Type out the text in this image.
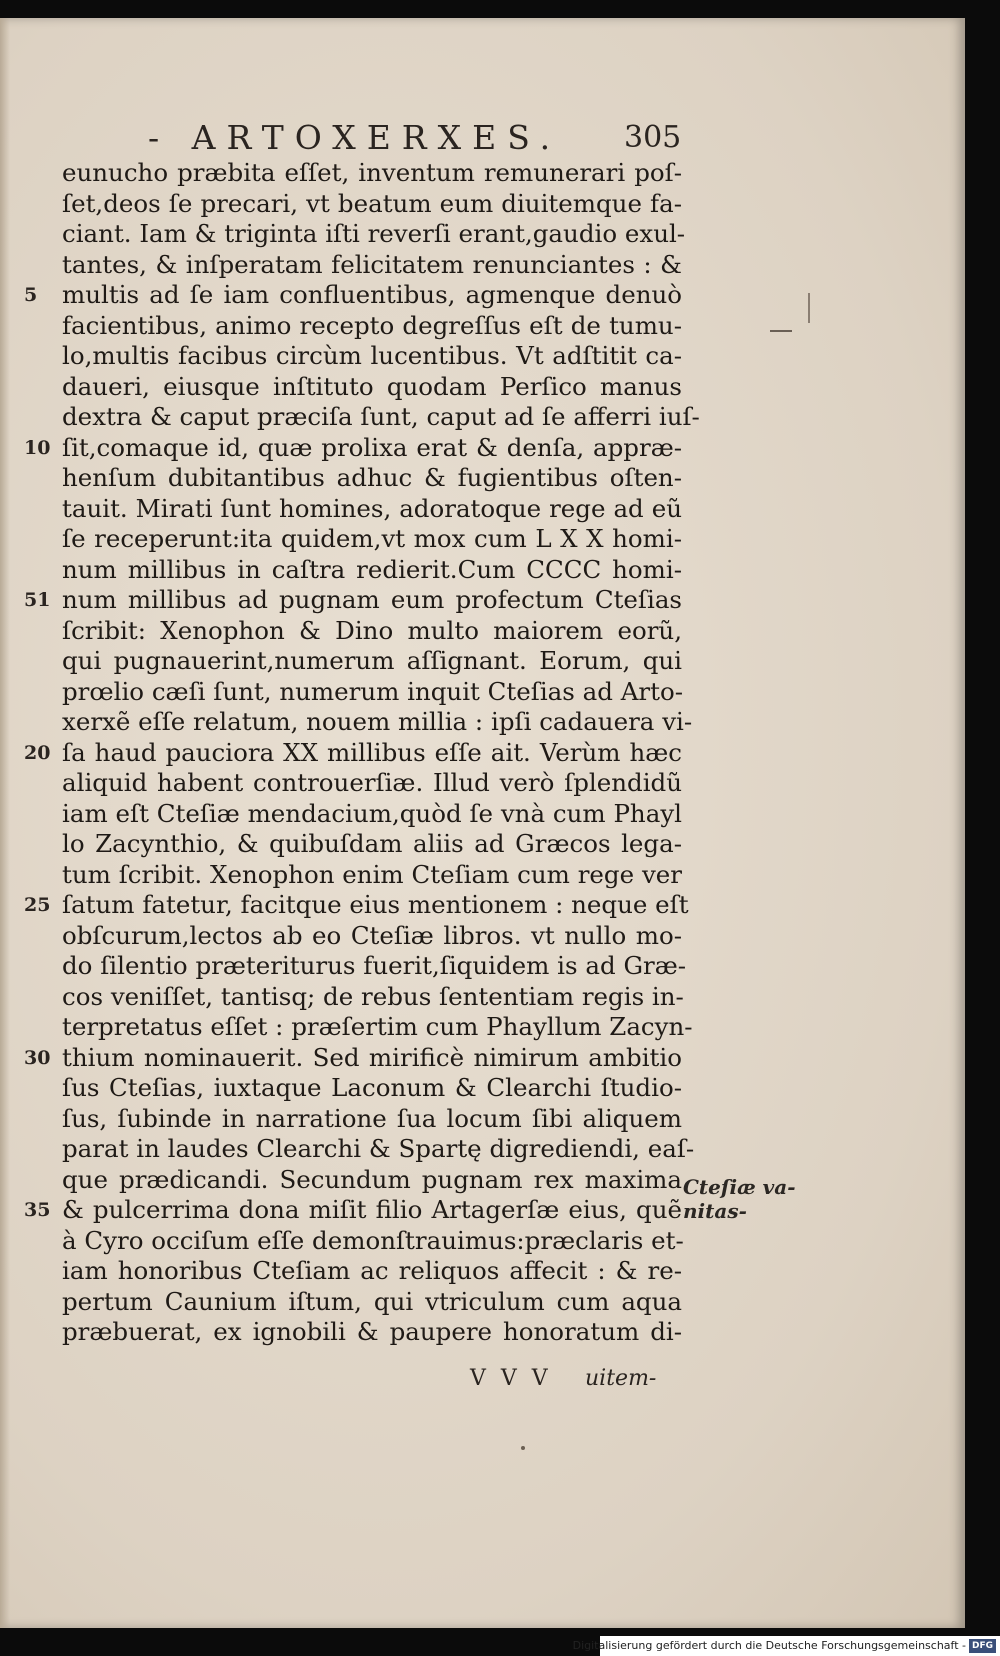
- ARTOXERXES. 305
eunucho præbita eſſet, inventum remunerari poſ-
ſet,deos ſe precari, vt beatum eum diuitemque fa-
ciant. Iam & triginta iſti reverſi erant,gaudio exul-
tantes, & inſperatam felicitatem renunciantes : &
5 multis ad ſe iam confluentibus, agmenque denuò
facientibus, animo recepto degreſſus eſt de tumu-
lo,multis facibus circùm lucentibus. Vt adſtitit ca-
daueri, eiusque inſtituto quodam Perſico manus
dextra & caput præciſa ſunt, caput ad ſe afferri iuſ-
10 ſit,comaque id, quæ prolixa erat & denſa, appræ-
henſum dubitantibus adhuc & fugientibus oſten-
tauit. Mirati ſunt homines, adoratoque rege ad eũ
ſe receperunt:ita quidem,vt mox cum L X X homi-
num millibus in caſtra redierit.Cum CCCC homi-
51 num millibus ad pugnam eum profectum Cteſias
ſcribit: Xenophon & Dino multo maiorem eorũ,
qui pugnauerint,numerum aſſignant. Eorum, qui
prœlio cæſi ſunt, numerum inquit Cteſias ad Arto-
xerxẽ eſſe relatum, nouem millia : ipſi cadauera vi-
20 ſa haud pauciora XX millibus eſſe ait. Verùm hæc
aliquid habent controuerſiæ. Illud verò ſplendidũ
iam eſt Cteſiæ mendacium,quòd ſe vnà cum Phayl
lo Zacynthio, & quibuſdam aliis ad Græcos lega-
tum ſcribit. Xenophon enim Cteſiam cum rege ver
25 ſatum fatetur, facitque eius mentionem : neque eſt
obſcurum,lectos ab eo Cteſiæ libros. vt nullo mo-
do ſilentio præteriturus fuerit,ſiquidem is ad Græ-
cos veniſſet, tantisq; de rebus ſententiam regis in-
terpretatus eſſet : præſertim cum Phayllum Zacyn-
30 thium nominauerit. Sed mirificè nimirum ambitio
ſus Cteſias, iuxtaque Laconum & Clearchi ſtudio-
ſus, ſubinde in narratione ſua locum ſibi aliquem
parat in laudes Clearchi & Spartę digrediendi, eaſ-
que prædicandi. Secundum pugnam rex maxima
35 & pulcerrima dona miſit filio Artagerſæ eius, quẽ
à Cyro occiſum eſſe demonſtrauimus:præclaris et-
iam honoribus Cteſiam ac reliquos affecit : & re-
pertum Caunium iſtum, qui vtriculum cum aqua
præbuerat, ex ignobili & paupere honoratum di-
Cteſiæ va-
nitas-
V V V uitem-
Digitalisierung gefördert durch die Deutsche Forschungsgemeinschaft - DFG
